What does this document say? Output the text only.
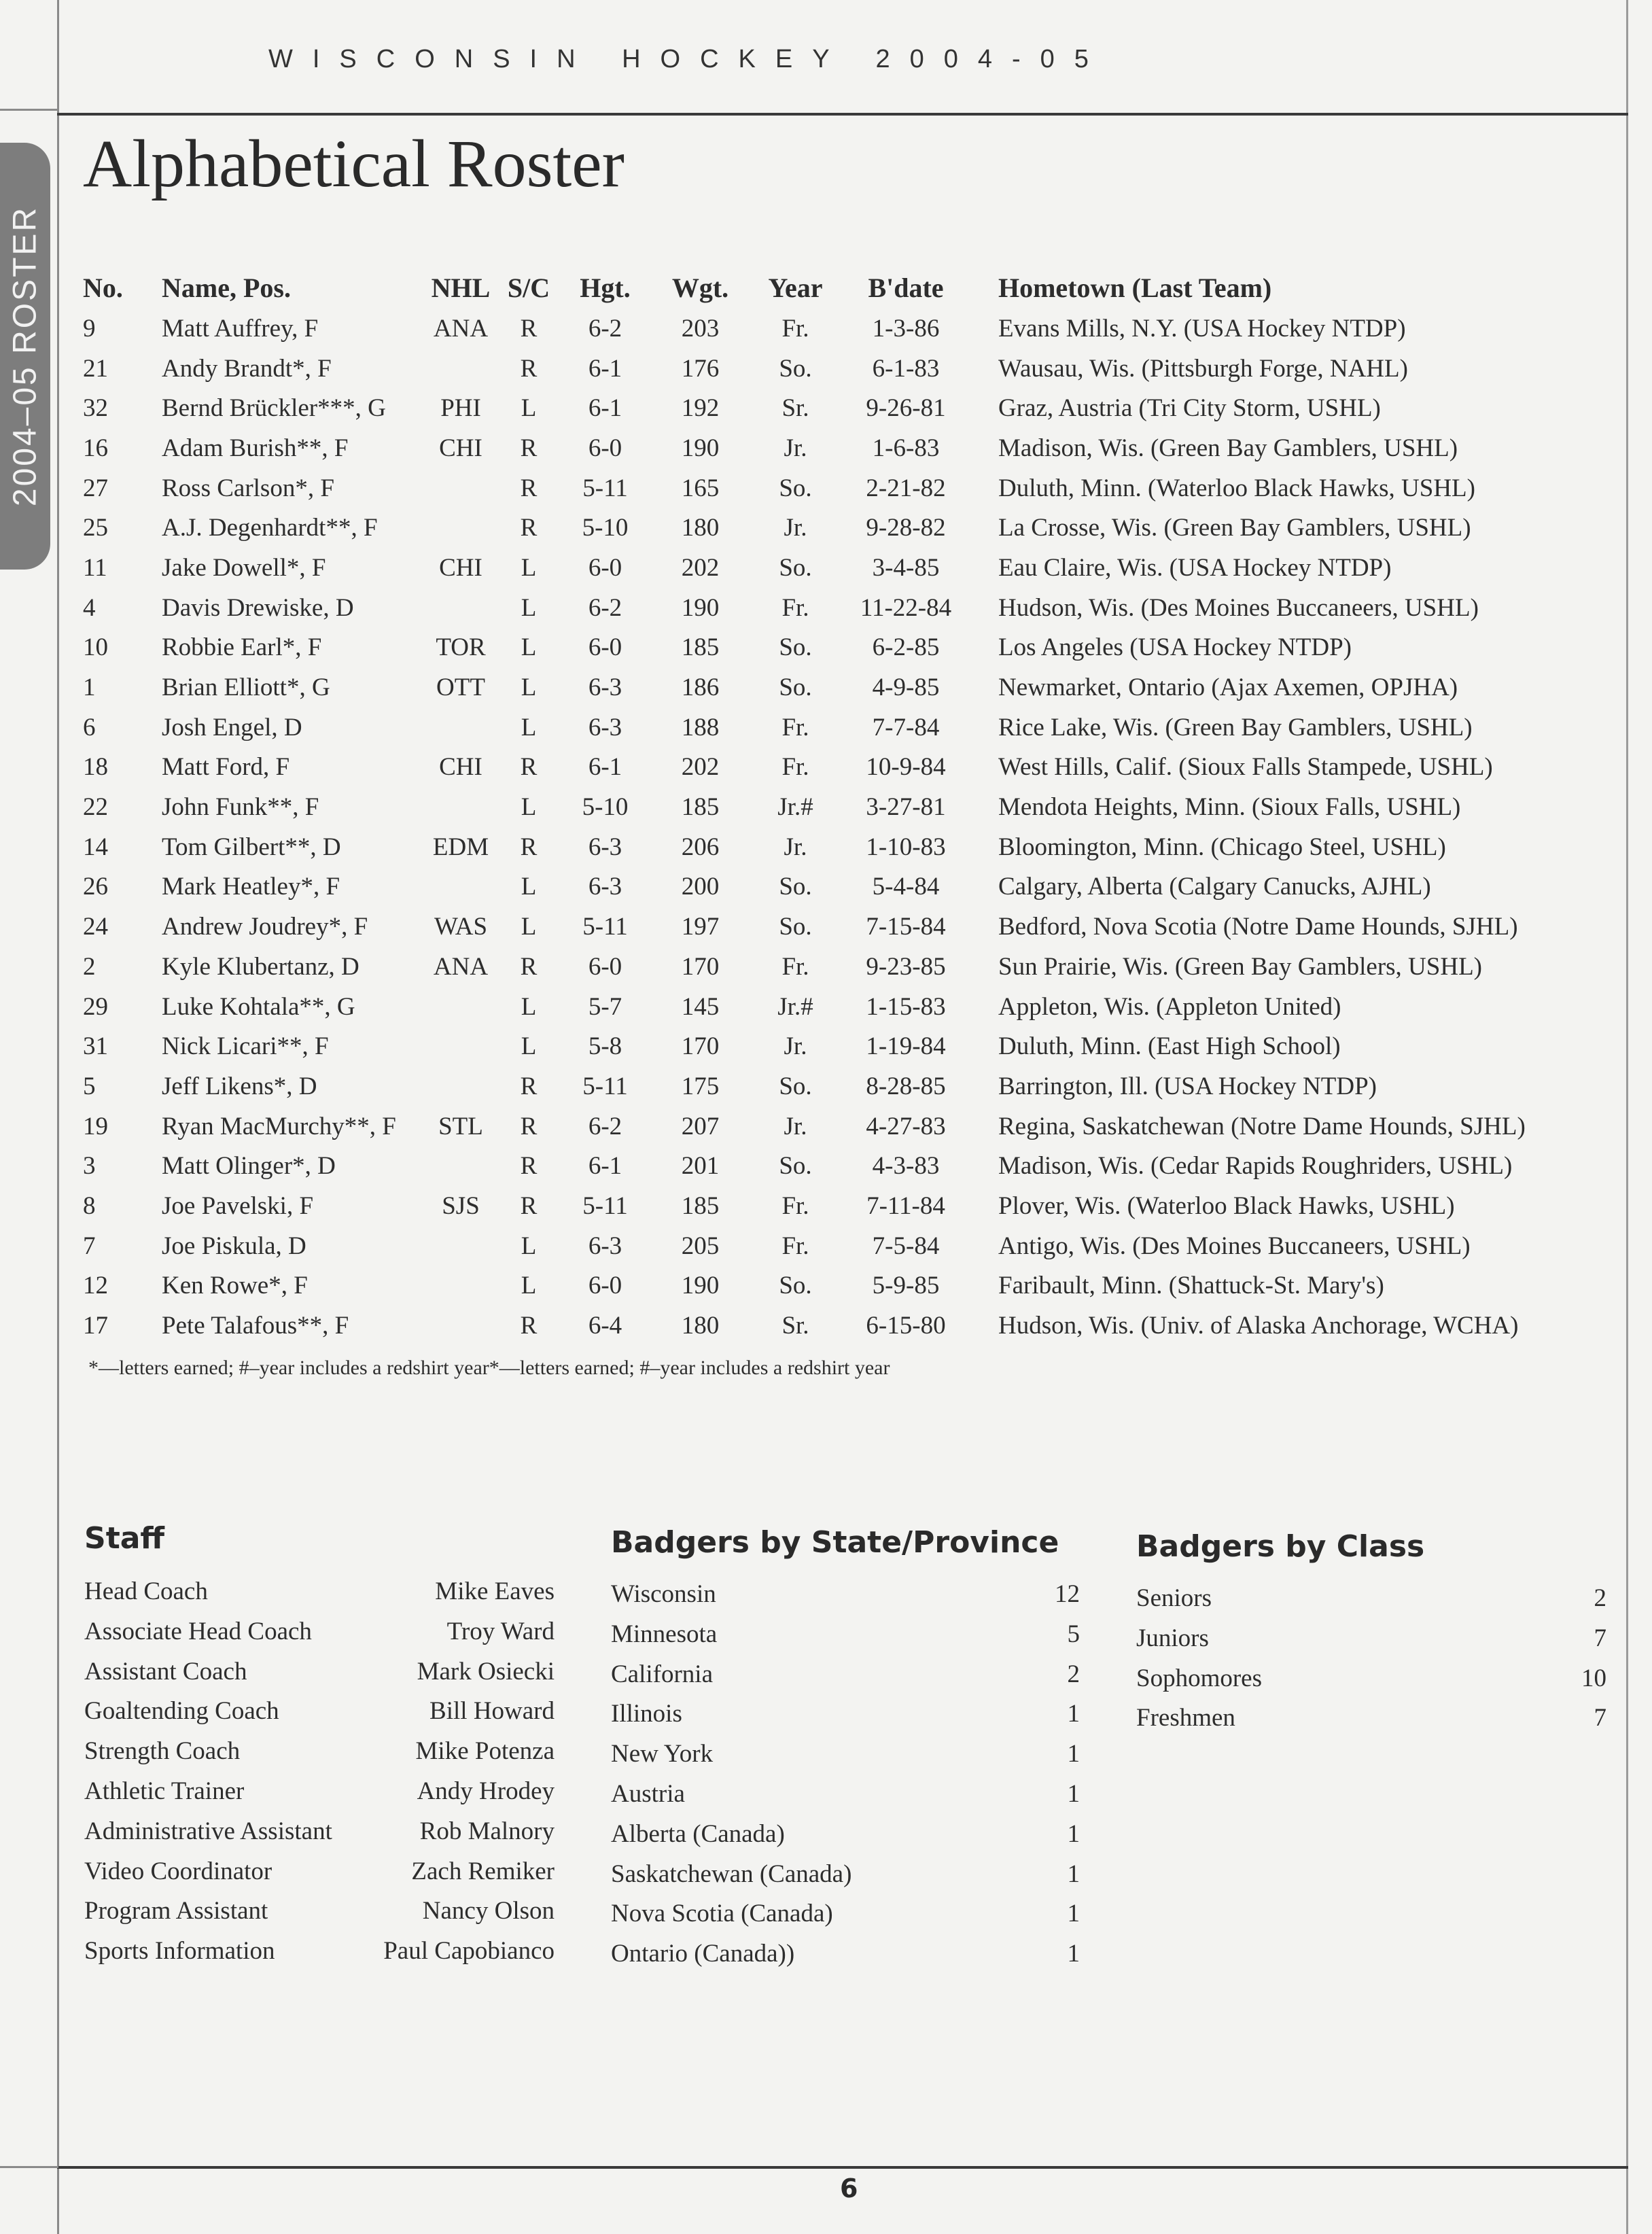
WISCONSIN HOCKEY 2004-05
2004–05 ROSTER
Alphabetical Roster
No.	Name, Pos.	NHL	S/C	Hgt.	Wgt.	Year	B'date	Hometown (Last Team)
9	Matt Auffrey, F	ANA	R	6-2	203	Fr.	1-3-86	Evans Mills, N.Y. (USA Hockey NTDP)
21	Andy Brandt*, F		R	6-1	176	So.	6-1-83	Wausau, Wis. (Pittsburgh Forge, NAHL)
32	Bernd Brückler***, G	PHI	L	6-1	192	Sr.	9-26-81	Graz, Austria (Tri City Storm, USHL)
16	Adam Burish**, F	CHI	R	6-0	190	Jr.	1-6-83	Madison, Wis. (Green Bay Gamblers, USHL)
27	Ross Carlson*, F		R	5-11	165	So.	2-21-82	Duluth, Minn. (Waterloo Black Hawks, USHL)
25	A.J. Degenhardt**, F		R	5-10	180	Jr.	9-28-82	La Crosse, Wis. (Green Bay Gamblers, USHL)
11	Jake Dowell*, F	CHI	L	6-0	202	So.	3-4-85	Eau Claire, Wis. (USA Hockey NTDP)
4	Davis Drewiske, D		L	6-2	190	Fr.	11-22-84	Hudson, Wis. (Des Moines Buccaneers, USHL)
10	Robbie Earl*, F	TOR	L	6-0	185	So.	6-2-85	Los Angeles (USA Hockey NTDP)
1	Brian Elliott*, G	OTT	L	6-3	186	So.	4-9-85	Newmarket, Ontario (Ajax Axemen, OPJHA)
6	Josh Engel, D		L	6-3	188	Fr.	7-7-84	Rice Lake, Wis. (Green Bay Gamblers, USHL)
18	Matt Ford, F	CHI	R	6-1	202	Fr.	10-9-84	West Hills, Calif. (Sioux Falls Stampede, USHL)
22	John Funk**, F		L	5-10	185	Jr.#	3-27-81	Mendota Heights, Minn. (Sioux Falls, USHL)
14	Tom Gilbert**, D	EDM	R	6-3	206	Jr.	1-10-83	Bloomington, Minn. (Chicago Steel, USHL)
26	Mark Heatley*, F		L	6-3	200	So.	5-4-84	Calgary, Alberta (Calgary Canucks, AJHL)
24	Andrew Joudrey*, F	WAS	L	5-11	197	So.	7-15-84	Bedford, Nova Scotia (Notre Dame Hounds, SJHL)
2	Kyle Klubertanz, D	ANA	R	6-0	170	Fr.	9-23-85	Sun Prairie, Wis. (Green Bay Gamblers, USHL)
29	Luke Kohtala**, G		L	5-7	145	Jr.#	1-15-83	Appleton, Wis. (Appleton United)
31	Nick Licari**, F		L	5-8	170	Jr.	1-19-84	Duluth, Minn. (East High School)
5	Jeff Likens*, D		R	5-11	175	So.	8-28-85	Barrington, Ill. (USA Hockey NTDP)
19	Ryan MacMurchy**, F	STL	R	6-2	207	Jr.	4-27-83	Regina, Saskatchewan (Notre Dame Hounds, SJHL)
3	Matt Olinger*, D		R	6-1	201	So.	4-3-83	Madison, Wis. (Cedar Rapids Roughriders, USHL)
8	Joe Pavelski, F	SJS	R	5-11	185	Fr.	7-11-84	Plover, Wis. (Waterloo Black Hawks, USHL)
7	Joe Piskula, D		L	6-3	205	Fr.	7-5-84	Antigo, Wis. (Des Moines Buccaneers, USHL)
12	Ken Rowe*, F		L	6-0	190	So.	5-9-85	Faribault, Minn. (Shattuck-St. Mary's)
17	Pete Talafous**, F		R	6-4	180	Sr.	6-15-80	Hudson, Wis. (Univ. of Alaska Anchorage, WCHA)

*—letters earned; #–year includes a redshirt year*—letters earned; #–year includes a redshirt year

Staff
Head Coach	Mike Eaves
Associate Head Coach	Troy Ward
Assistant Coach	Mark Osiecki
Goaltending Coach	Bill Howard
Strength Coach	Mike Potenza
Athletic Trainer	Andy Hrodey
Administrative Assistant	Rob Malnory
Video Coordinator	Zach Remiker
Program Assistant	Nancy Olson
Sports Information	Paul Capobianco
Badgers by State/Province
Wisconsin	12
Minnesota	5
California	2
Illinois	1
New York	1
Austria	1
Alberta (Canada)	1
Saskatchewan (Canada)	1
Nova Scotia (Canada)	1
Ontario (Canada))	1
Badgers by Class
Seniors	2
Juniors	7
Sophomores	10
Freshmen	7
6
